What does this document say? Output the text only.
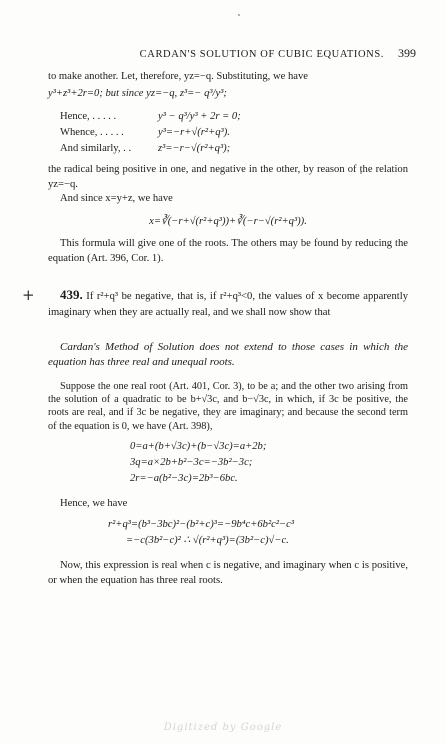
CARDAN'S SOLUTION OF CUBIC EQUATIONS. 399

to make another. Let, therefore, yz=−q. Substituting, we have

y³+z³+2r=0; but since yz=−q, z³=− q³/y³;

Hence, . . . . .	y³ − q³/y³ + 2r = 0;
Whence, . . . . .	y³=−r+√(r²+q³).
And similarly, . .	z³=−r−√(r²+q³);

the radical being positive in one, and negative in the other, by reason of the relation yz=−q.

And since x=y+z, we have

x=∛(−r+√(r²+q³))+∛(−r−√(r²+q³)).

This formula will give one of the roots. The others may be found by reducing the equation (Art. 396, Cor. 1).

+	439. If r²+q³ be negative, that is, if r²+q³<0, the values of x become apparently imaginary when they are actually real, and we shall now show that

Cardan's Method of Solution does not extend to those cases in which the equation has three real and unequal roots.

Suppose the one real root (Art. 401, Cor. 3), to be a; and the other two arising from the solution of a quadratic to be b+√3c, and b−√3c, in which, if 3c be positive, the roots are real, and if 3c be negative, they are imaginary; and because the second term of the equation is 0, we have (Art. 398),

0=a+(b+√3c)+(b−√3c)=a+2b;
3q=a×2b+b²−3c=−3b²−3c;
2r=−a(b²−3c)=2b³−6bc.

Hence, we have

r²+q³=(b³−3bc)²−(b²+c)³=−9b⁴c+6b²c²−c³
=−c(3b²−c)² ∴ √(r²+q³)=(3b²−c)√−c.

Now, this expression is real when c is negative, and imaginary when c is positive, or when the equation has three real roots.

Digitized by Google
